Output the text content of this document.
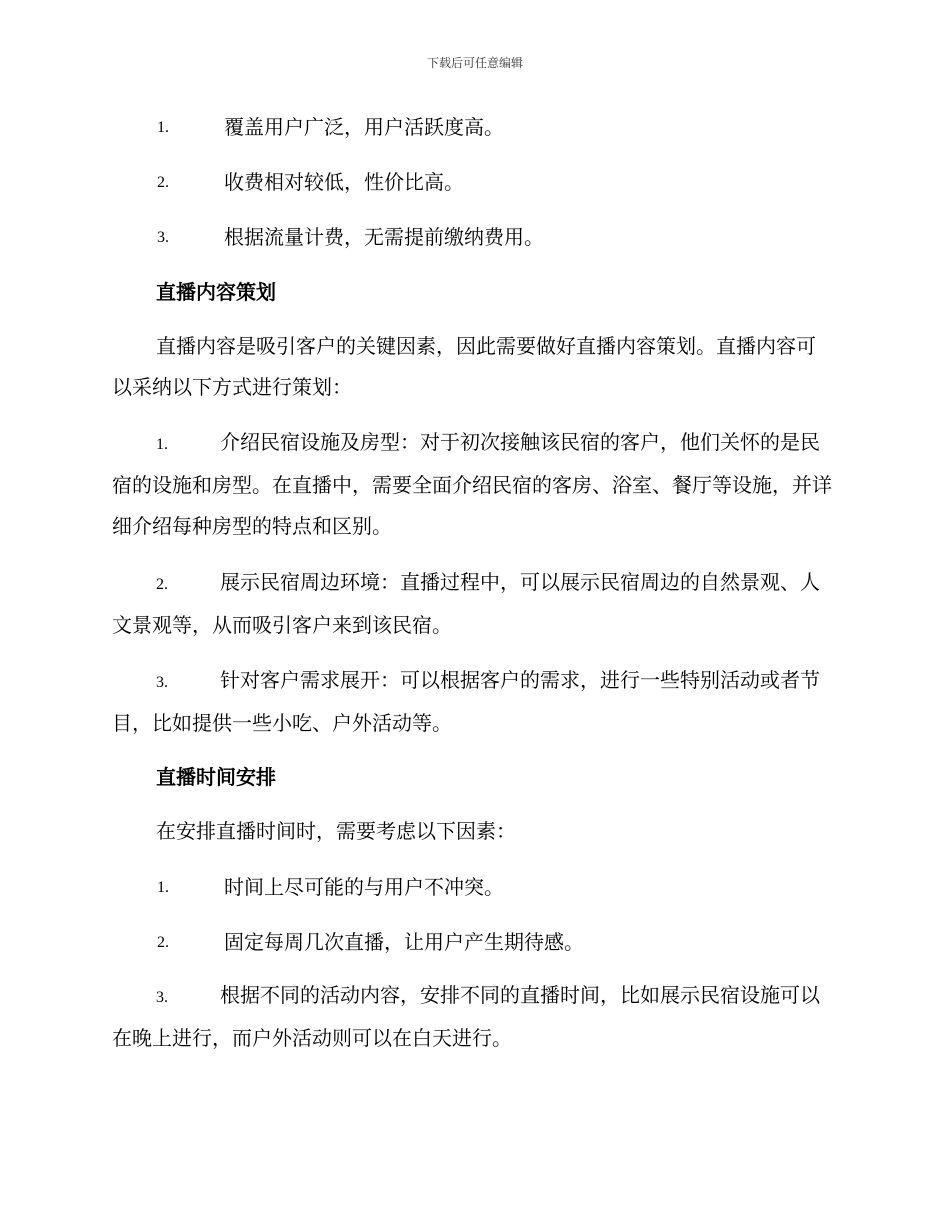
下载后可任意编辑
1.	覆盖用户广泛，用户活跃度高。
2.	收费相对较低，性价比高。
3.	根据流量计费，无需提前缴纳费用。
直播内容策划
直播内容是吸引客户的关键因素，因此需要做好直播内容策划。直播内容可以采纳以下方式进行策划：
1.	介绍民宿设施及房型：对于初次接触该民宿的客户，他们关怀的是民宿的设施和房型。在直播中，需要全面介绍民宿的客房、浴室、餐厅等设施，并详细介绍每种房型的特点和区别。
2.	展示民宿周边环境：直播过程中，可以展示民宿周边的自然景观、人文景观等，从而吸引客户来到该民宿。
3.	针对客户需求展开：可以根据客户的需求，进行一些特别活动或者节目，比如提供一些小吃、户外活动等。
直播时间安排
在安排直播时间时，需要考虑以下因素：
1.	时间上尽可能的与用户不冲突。
2.	固定每周几次直播，让用户产生期待感。
3.	根据不同的活动内容，安排不同的直播时间，比如展示民宿设施可以在晚上进行，而户外活动则可以在白天进行。
